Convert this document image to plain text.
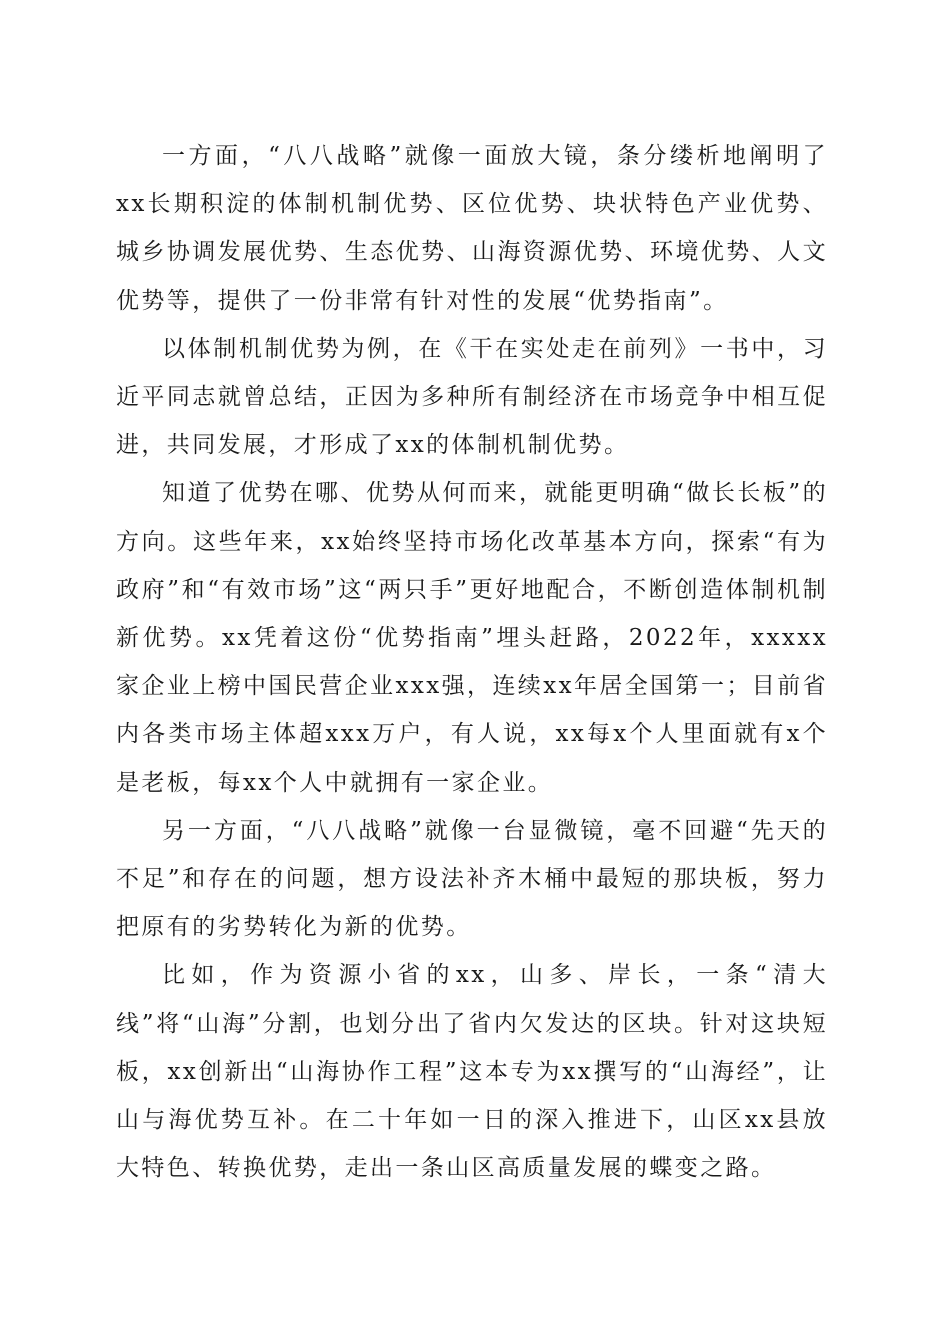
一方面，“八八战略”就像一面放大镜，条分缕析地阐明了xx长期积淀的体制机制优势、区位优势、块状特色产业优势、城乡协调发展优势、生态优势、山海资源优势、环境优势、人文优势等，提供了一份非常有针对性的发展“优势指南”。

以体制机制优势为例，在《干在实处走在前列》一书中，习近平同志就曾总结，正因为多种所有制经济在市场竞争中相互促进，共同发展，才形成了xx的体制机制优势。

知道了优势在哪、优势从何而来，就能更明确“做长长板”的方向。这些年来，xx始终坚持市场化改革基本方向，探索“有为政府”和“有效市场”这“两只手”更好地配合，不断创造体制机制新优势。xx凭着这份“优势指南”埋头赶路，2022年，xxxxx家企业上榜中国民营企业xxx强，连续xx年居全国第一；目前省内各类市场主体超xxx万户，有人说，xx每x个人里面就有x个是老板，每xx个人中就拥有一家企业。

另一方面，“八八战略”就像一台显微镜，毫不回避“先天的不足”和存在的问题，想方设法补齐木桶中最短的那块板，努力把原有的劣势转化为新的优势。

比如，作为资源小省的xx，山多、岸长，一条“清大线”将“山海”分割，也划分出了省内欠发达的区块。针对这块短板，xx创新出“山海协作工程”这本专为xx撰写的“山海经”，让山与海优势互补。在二十年如一日的深入推进下，山区xx县放大特色、转换优势，走出一条山区高质量发展的蝶变之路。
